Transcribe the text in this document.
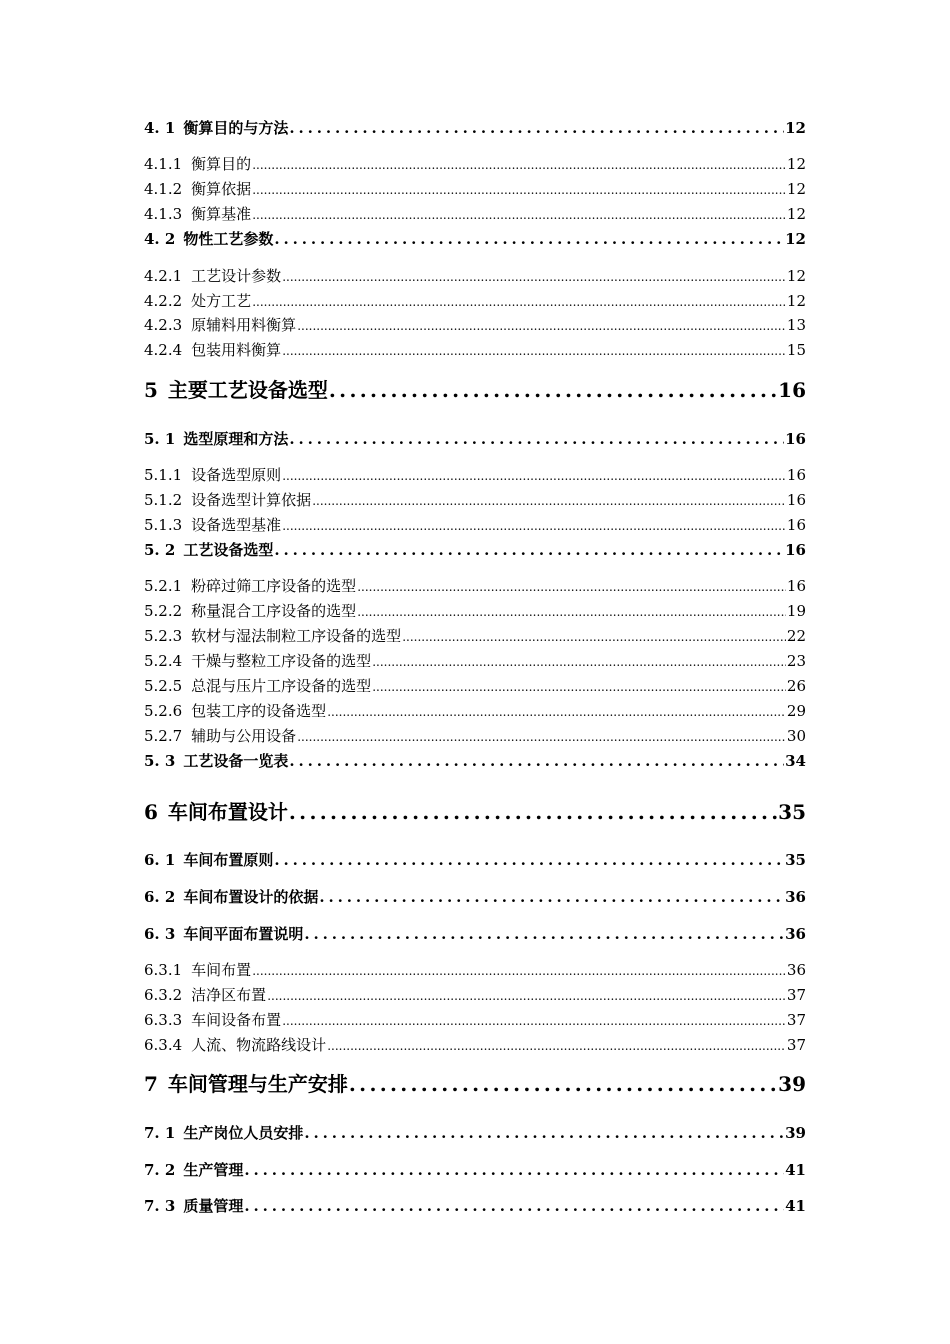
4. 1 衡算目的与方法 .....	12
4.1.1 衡算目的 .....	12
4.1.2 衡算依据 .....	12
4.1.3 衡算基准 .....	12
4. 2 物性工艺参数 .....	12
4.2.1 工艺设计参数 .....	12
4.2.2 处方工艺 .....	12
4.2.3 原辅料用料衡算 .....	13
4.2.4 包装用料衡算 .....	15
5 主要工艺设备选型 .....	16
5. 1 选型原理和方法 .....	16
5.1.1 设备选型原则 .....	16
5.1.2 设备选型计算依据 .....	16
5.1.3 设备选型基准 .....	16
5. 2 工艺设备选型 .....	16
5.2.1 粉碎过筛工序设备的选型 .....	16
5.2.2 称量混合工序设备的选型 .....	19
5.2.3 软材与湿法制粒工序设备的选型 .....	22
5.2.4 干燥与整粒工序设备的选型 .....	23
5.2.5 总混与压片工序设备的选型 .....	26
5.2.6 包装工序的设备选型 .....	29
5.2.7 辅助与公用设备 .....	30
5. 3 工艺设备一览表 .....	34
6 车间布置设计 .....	35
6. 1 车间布置原则 .....	35
6. 2 车间布置设计的依据 .....	36
6. 3 车间平面布置说明 .....	36
6.3.1 车间布置 .....	36
6.3.2 洁净区布置 .....	37
6.3.3 车间设备布置 .....	37
6.3.4 人流、物流路线设计 .....	37
7 车间管理与生产安排 .....	39
7. 1 生产岗位人员安排 .....	39
7. 2 生产管理 .....	41
7. 3 质量管理 .....	41
